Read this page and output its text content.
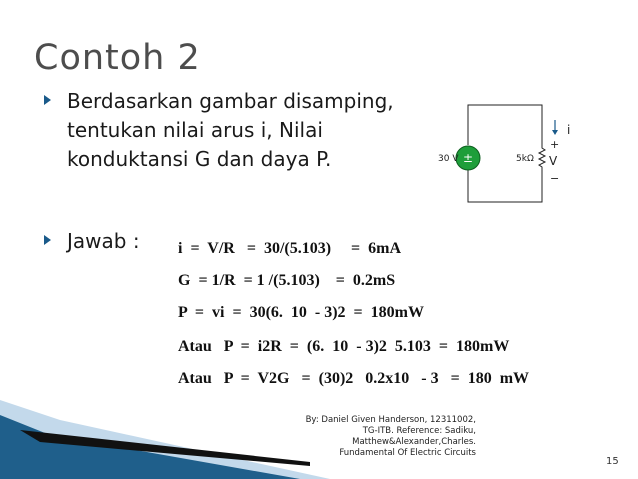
Contoh 2
Berdasarkan gambar disamping, tentukan nilai arus i, Nilai konduktansi G dan daya P.
Jawab : i  =  V/R   =  30/(5.103)     =  6mA
G  = 1/R  = 1 /(5.103)    =  0.2mS
P  =  vi  =  30(6.  10  - 3)2  =  180mW
Atau   P  =  i2R  =  (6.  10  - 3)2  5.103  =  180mW
Atau   P  =  V2G   =  (30)2   0.2x10   - 3   =  180  mW
±
30 V	5kΩ
i
+
V
−
By: Daniel Given Handerson, 12311002, TG-ITB. Reference: Sadiku, Matthew&Alexander,Charles. Fundamental Of Electric Circuits
15
